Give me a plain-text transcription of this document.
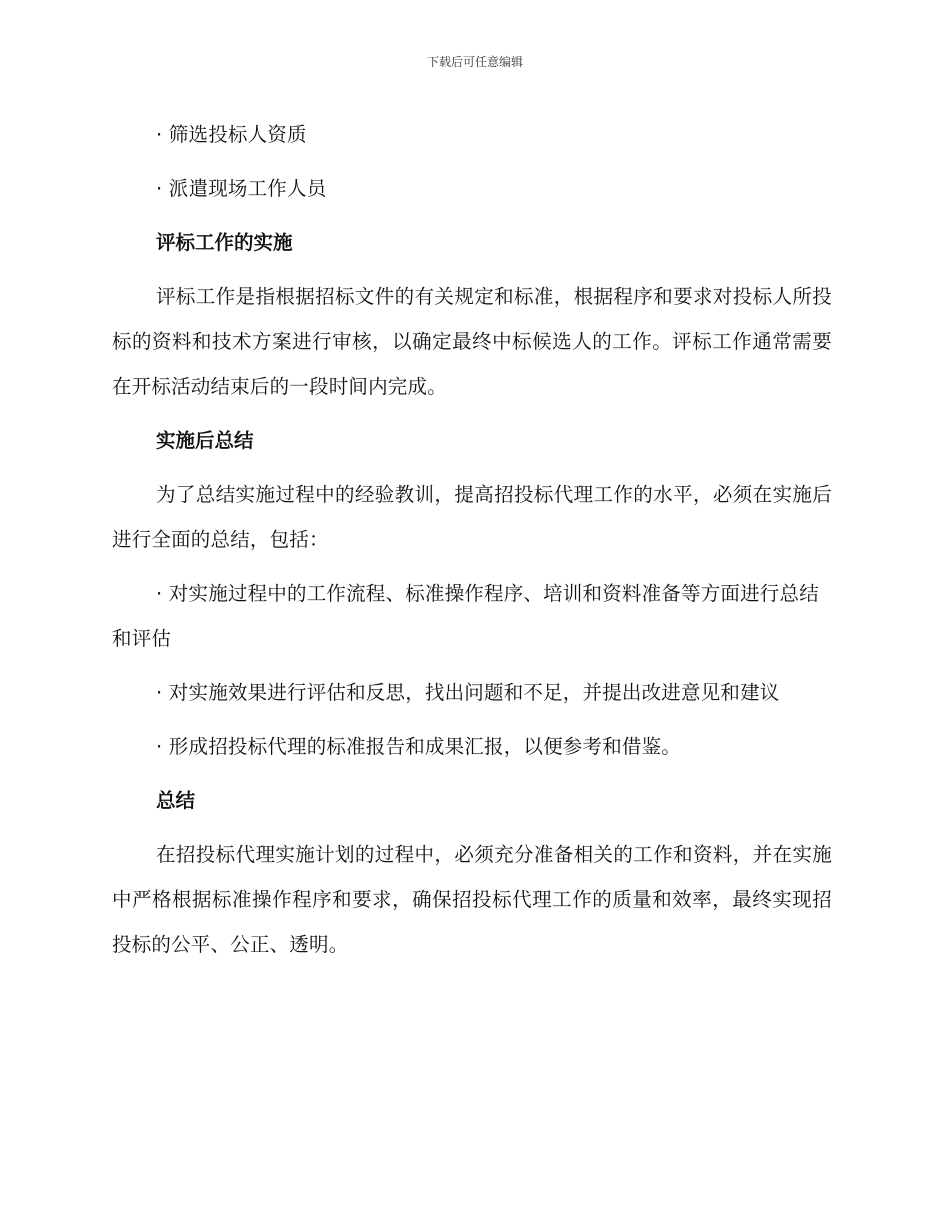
下载后可任意编辑

· 筛选投标人资质

· 派遣现场工作人员

评标工作的实施

评标工作是指根据招标文件的有关规定和标准，根据程序和要求对投标人所投标的资料和技术方案进行审核，以确定最终中标候选人的工作。评标工作通常需要在开标活动结束后的一段时间内完成。

实施后总结

为了总结实施过程中的经验教训，提高招投标代理工作的水平，必须在实施后进行全面的总结，包括：

· 对实施过程中的工作流程、标准操作程序、培训和资料准备等方面进行总结和评估

· 对实施效果进行评估和反思，找出问题和不足，并提出改进意见和建议

· 形成招投标代理的标准报告和成果汇报，以便参考和借鉴。

总结

在招投标代理实施计划的过程中，必须充分准备相关的工作和资料，并在实施中严格根据标准操作程序和要求，确保招投标代理工作的质量和效率，最终实现招投标的公平、公正、透明。
